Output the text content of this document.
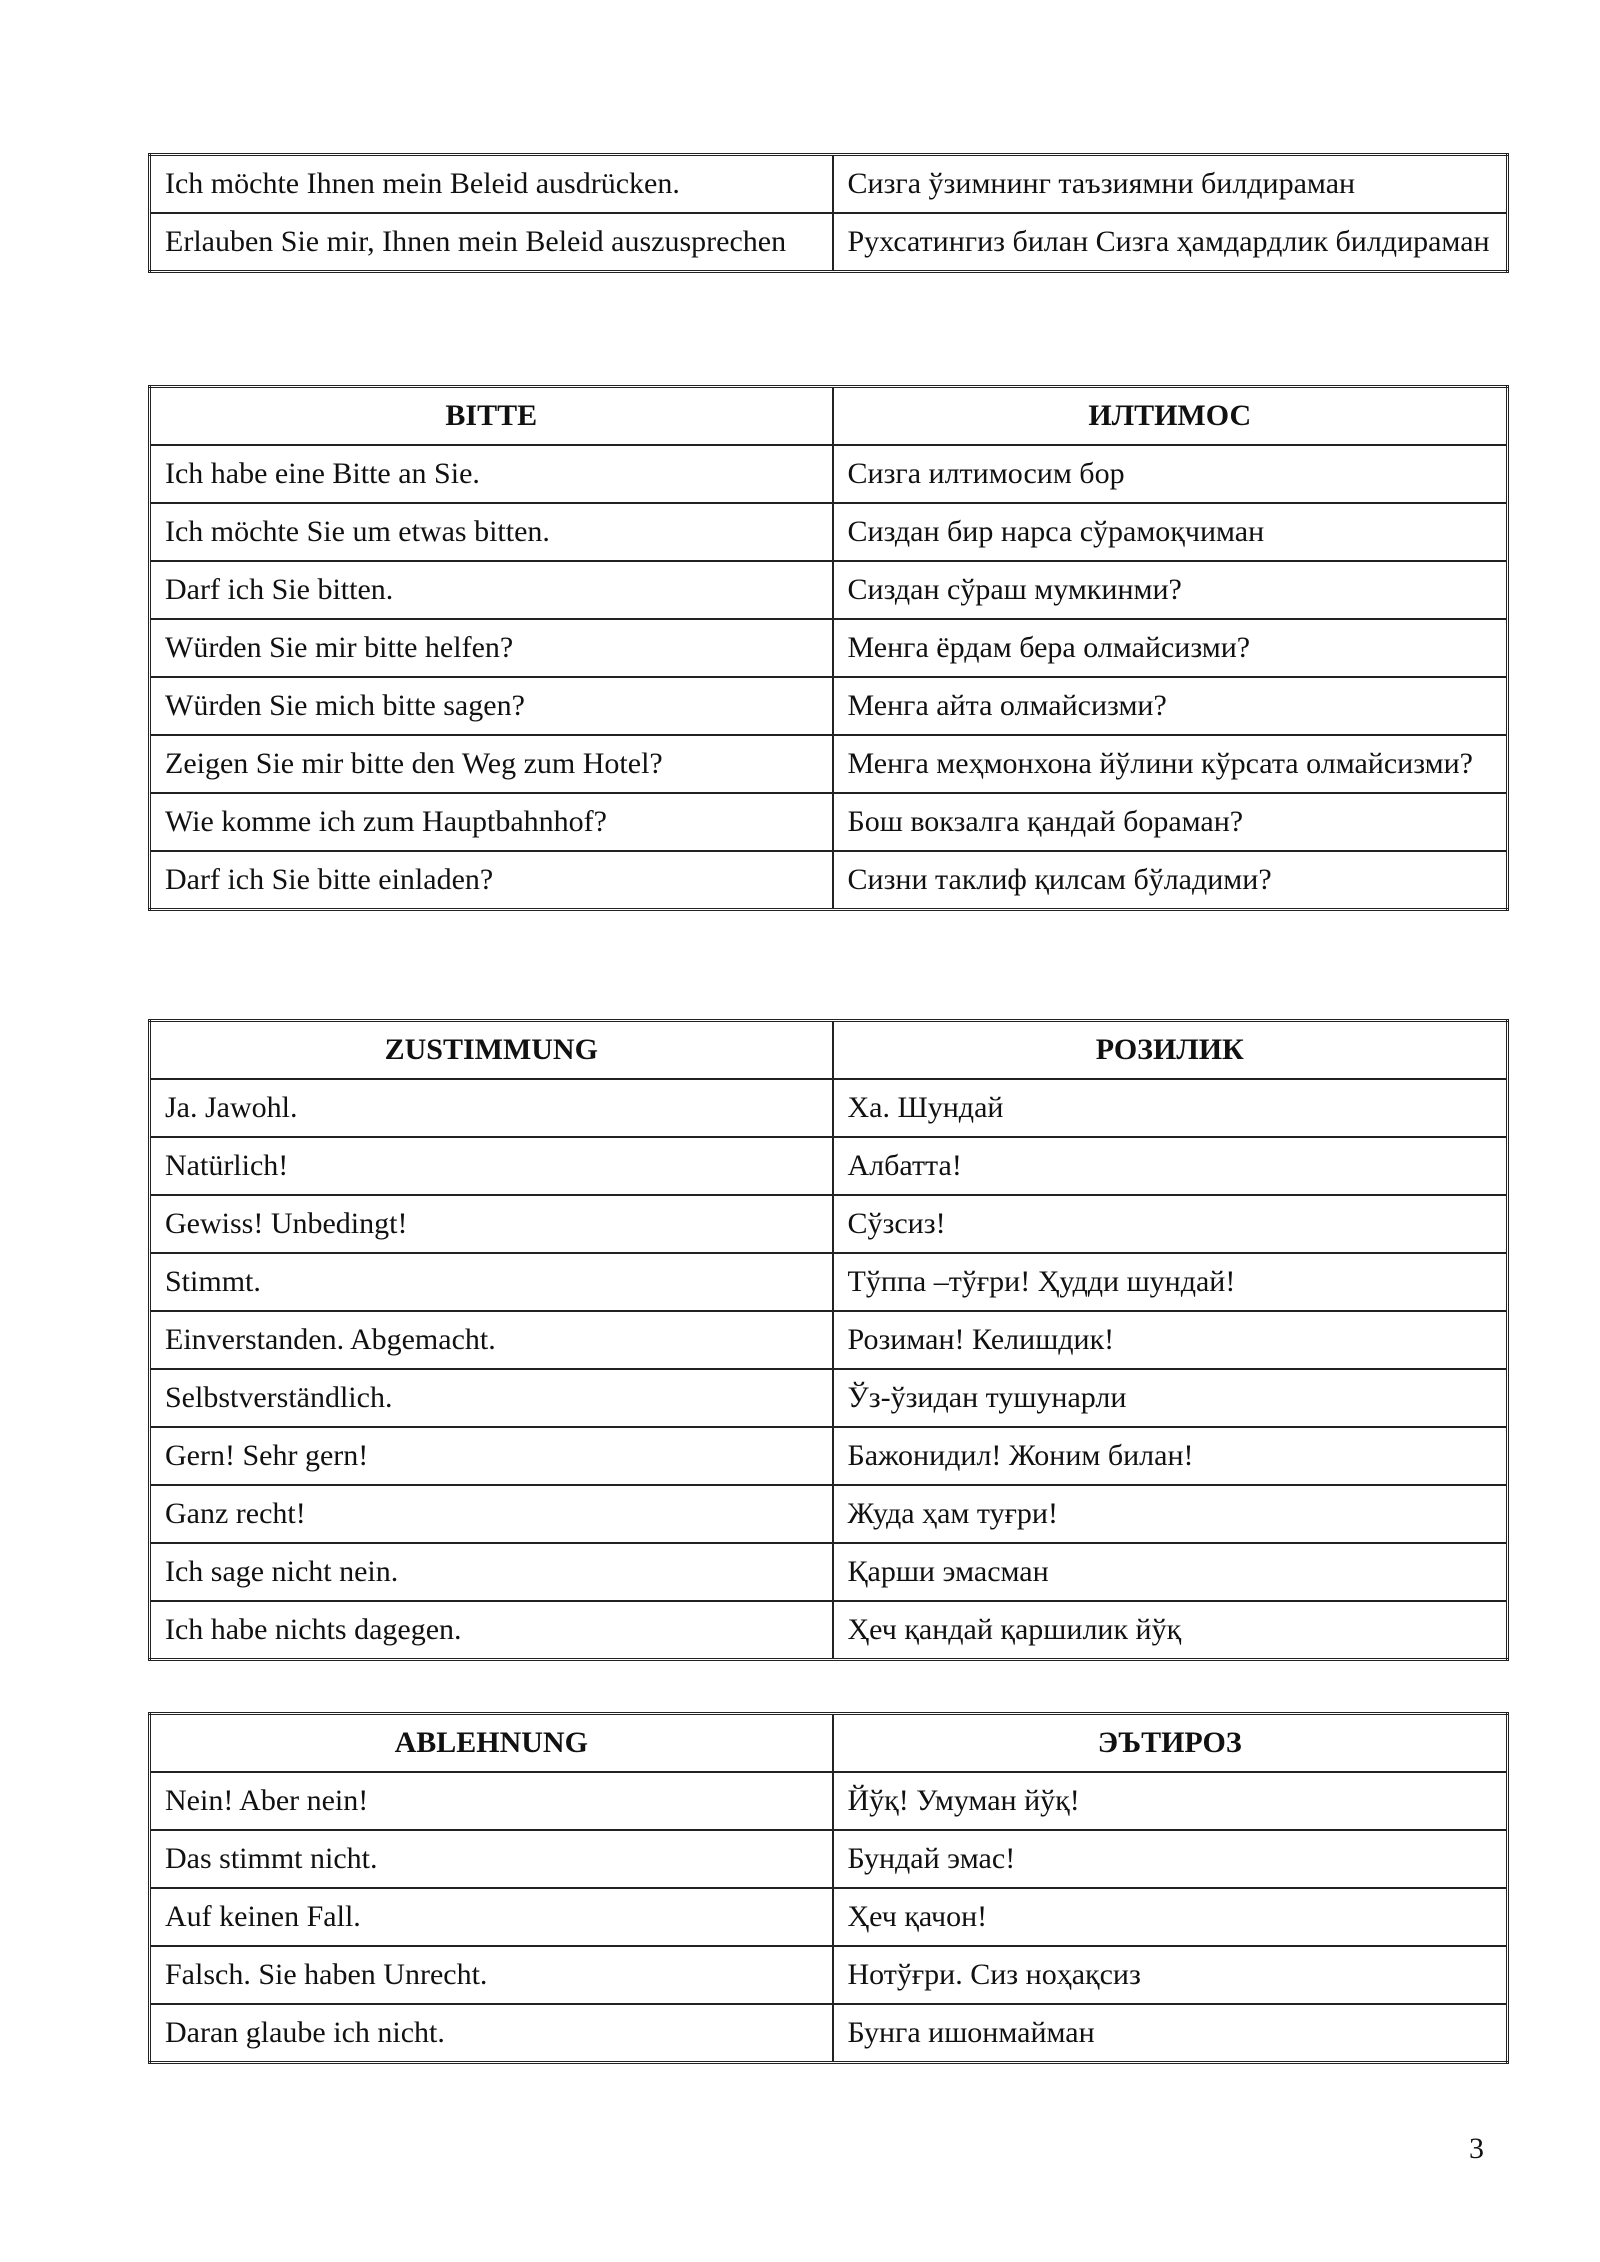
Ich möchte Ihnen mein Beleid ausdrücken.	Сизга ўзимнинг таъзиямни билдираман
Erlauben Sie mir, Ihnen mein Beleid auszusprechen	Рухсатингиз билан Сизга ҳамдардлик билдираман
BITTE	ИЛТИМОС
Ich habe eine Bitte an Sie.	Сизга илтимосим бор
Ich möchte Sie um etwas bitten.	Сиздан бир нарса сўрамоқчиман
Darf ich Sie bitten.	Сиздан сўраш мумкинми?
Würden Sie mir bitte helfen?	Менга ёрдам бера олмайсизми?
Würden Sie mich bitte sagen?	Менга айта олмайсизми?
Zeigen Sie mir bitte den Weg zum Hotel?	Менга меҳмонхона йўлини кўрсата олмайсизми?
Wie komme ich zum Hauptbahnhof?	Бош вокзалга қандай бораман?
Darf ich Sie bitte einladen?	Сизни таклиф қилсам бўладими?
ZUSTIMMUNG	РОЗИЛИК
Ja. Jawohl.	Ха. Шундай
Natürlich!	Албатта!
Gewiss! Unbedingt!	Сўзсиз!
Stimmt.	Тўппа –тўғри! Ҳудди шундай!
Einverstanden. Abgemacht.	Розиман! Келишдик!
Selbstverständlich.	Ўз-ўзидан тушунарли
Gern! Sehr gern!	Бажонидил! Жоним билан!
Ganz recht!	Жуда ҳам туғри!
Ich sage nicht nein.	Қарши эмасман
Ich habe nichts dagegen.	Ҳеч қандай қаршилик йўқ
ABLEHNUNG	ЭЪТИРОЗ
Nein! Aber nein!	Йўқ! Умуман йўқ!
Das stimmt nicht.	Бундай эмас!
Auf keinen Fall.	Ҳеч қачон!
Falsch. Sie haben Unrecht.	Нотўғри. Сиз ноҳақсиз
Daran glaube ich nicht.	Бунга ишонмайман
3
